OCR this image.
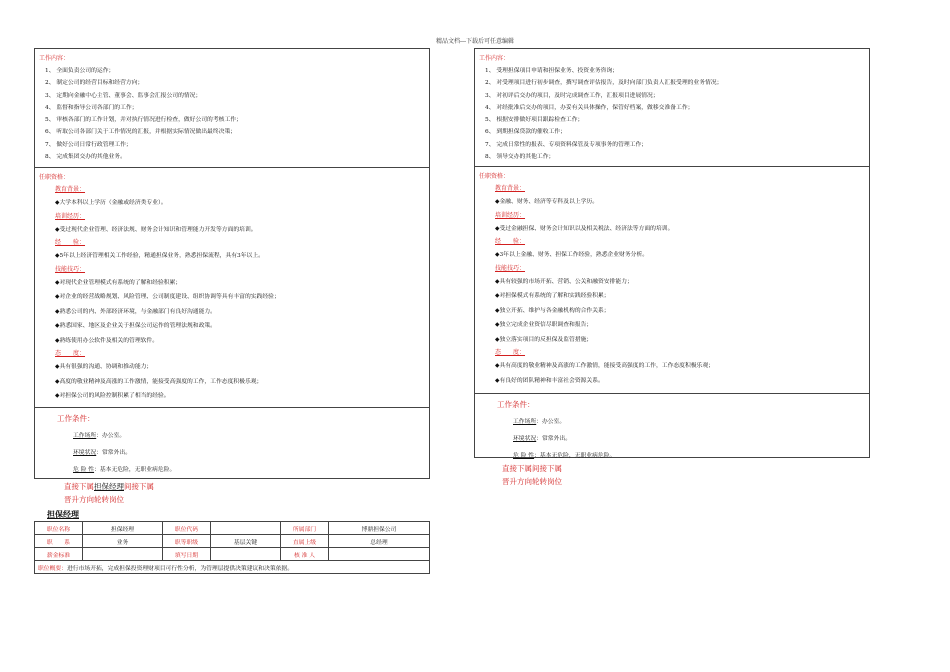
精品文档---下载后可任意编辑
工作内容：
1、 全面负责公司的运作；
2、 制定公司的经营目标和经营方向；
3、 定期向金融中心主管、董事会、监事会汇报公司的情况；
4、 监督和指导公司各部门的工作；
5、 审核各部门的工作计划，并对执行情况进行检查，做好公司的考核工作；
6、 听取公司各部门关于工作情况的汇报，并根据实际情况做出最终决策；
7、 做好公司日常行政管理工作；
8、 完成集团交办的其他业务。
任职资格：
教育背景：
◆大学本科以上学历（金融或经济类专业）。
培训经历：
◆受过现代企业管理、经济法规、财务会计知识和管理能力开发等方面的培训。
经　　验：
◆5年以上经济管理相关工作经验，精通担保业务，熟悉担保流程，具有3年以上。
技能技巧：
◆对现代企业管理模式有系统的了解和经验积累；
◆对企业的经营战略规划、风险管理、公司制度建设、组织协调等具有丰富的实践经验；
◆熟悉公司的内、外部经济环境，与金融部门有良好沟通能力。
◆熟悉国家、地区及企业关于担保公司运作的管理法规和政策。
◆熟练使用办公软件及相关的管理软件。
态　　度：
◆具有很强的沟通、协调和推动能力；
◆高度的敬业精神及高涨的工作激情，能接受高强度的工作，工作态度积极乐观；
◆对担保公司的风险控制积累了相当的经验。
工作条件：
工作场所：办公室。
环境状况：常常外出。
危 险 性：基本无危险，无职业病危险。
直接下属担保经理间接下属
晋升方向轮转岗位
担保经理
职位名称	担保经理	职位代码		所属部门	博鼎担保公司
职　　系	业务	职等职级	基层关键	直属上级	总经理
薪金标准		填写日期		核 准 人	
职位概要：进行市场开拓，完成担保投资理财项目可行性分析，为管理层提供决策建议和决策依据。					
工作内容：
1、 受理担保项目申请和担保业务、投资业务咨询；
2、 对受理项目进行初步调查，撰写调查评估报告，及时向部门负责人汇报受理的业务情况；
3、 对初评后交办的项目，及时完成调查工作，汇报项目进展情况；
4、 对经批准后交办的项目，办妥有关具体操作，保管好档案，做移交准备工作；
5、 根据安排做好项目跟踪检查工作；
6、 到期担保贷款的催收工作；
7、 完成日常性的报表、专项资料保管及专项事务的管理工作；
8、 领导交办的其他工作；
任职资格：
教育背景：
◆金融、财务、经济等专科及以上学历。
培训经历：
◆受过金融担保、财务会计知识以及相关税法、经济法等方面的培训。
经　　验：
◆3年以上金融、财务、担保工作经验，熟悉企业财务分析。
技能技巧：
◆具有较强的市场开拓、营销、公关和融资安排能力；
◆对担保模式有系统的了解和实践经验积累；
◆独立开拓、维护与各金融机构的合作关系；
◆独立完成企业资信尽职调查和报告；
◆独立落实项目的反担保及监管措施；
态　　度：
◆具有高度的敬业精神及高涨的工作激情，能接受高强度的工作，工作态度积极乐观；
◆有良好的团队精神和丰富社会资源关系。
工作条件：
工作场所：办公室。
环境状况：常常外出。
危 险 性：基本无危险，无职业病危险。
直接下属间接下属
晋升方向轮转岗位
